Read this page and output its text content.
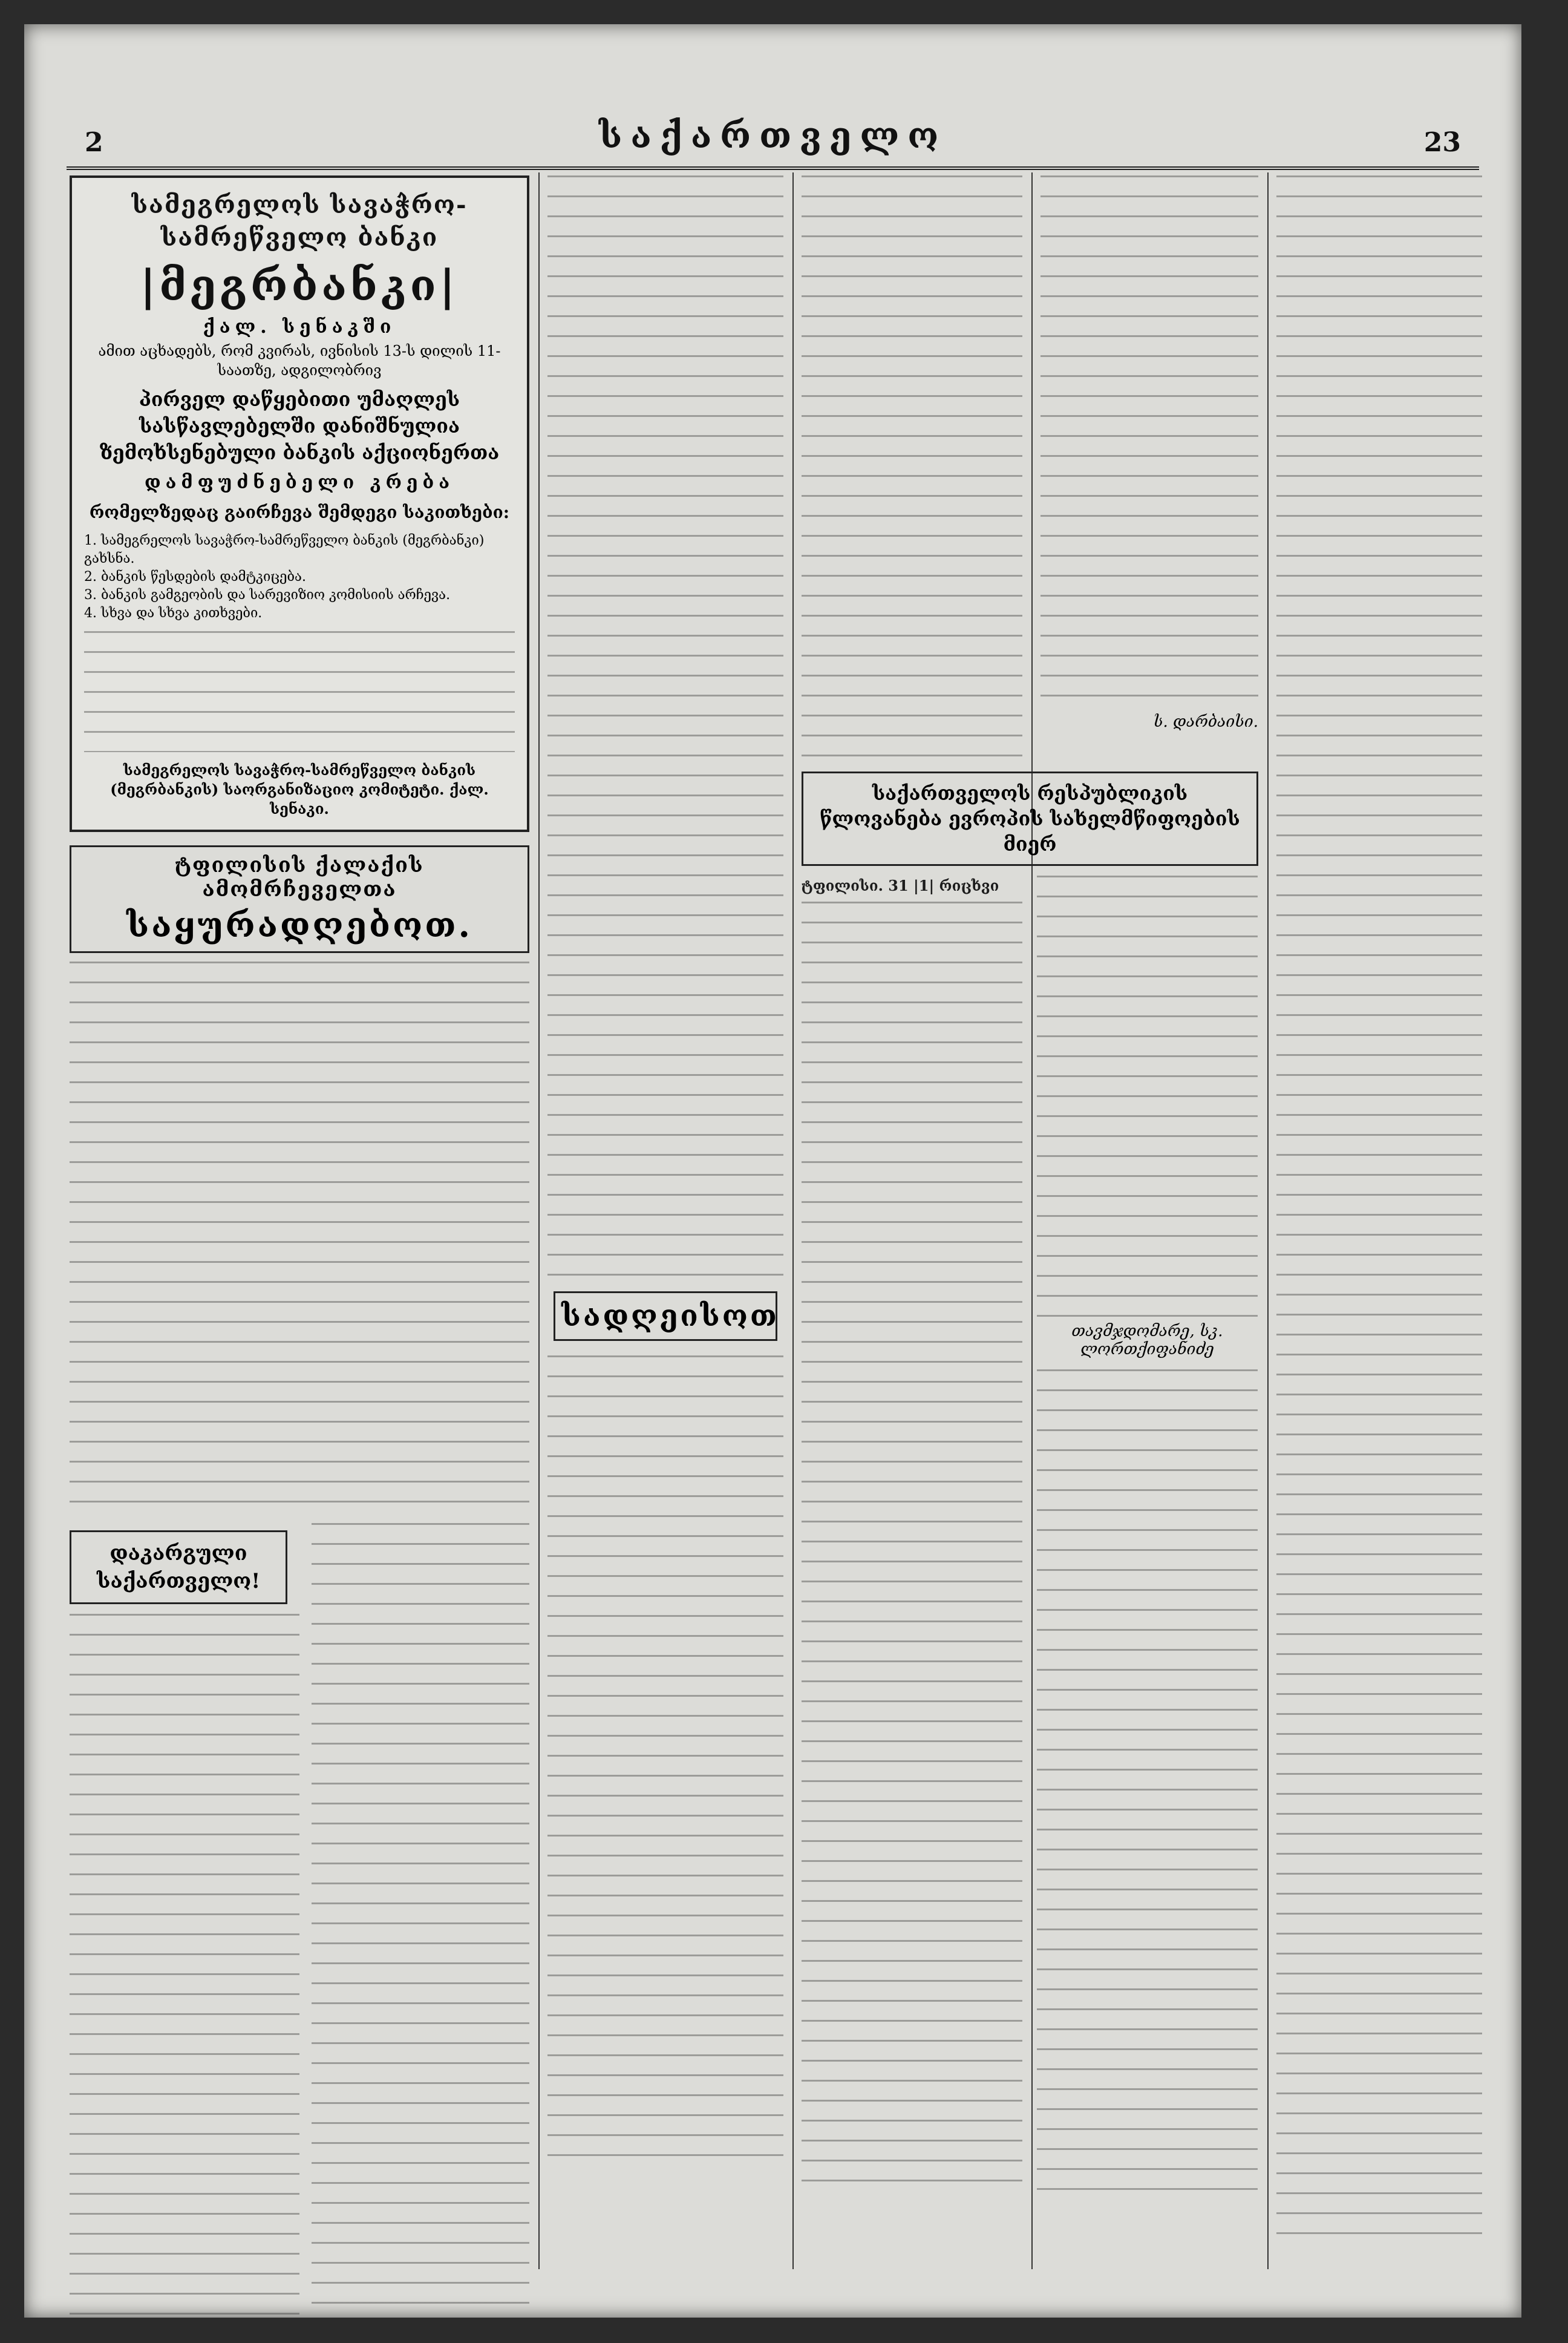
2	23
საქართველო
სამეგრელოს სავაჭრო-სამრეწველო ბანკი
|მეგრბანკი|
ქალ. სენაკში
ამით აცხადებს, რომ კვირას, ივნისის 13-ს დილის 11-საათზე, ადგილობრივ
პირველ დაწყებითი უმაღლეს სასწავლებელში დანიშნულია ზემოხსენებული ბანკის აქციონერთა
დამფუძნებელი კრება
რომელზედაც გაირჩევა შემდეგი საკითხები:
1. სამეგრელოს სავაჭრო-სამრეწველო ბანკის (მეგრბანკი) გახსნა.
2. ბანკის წესდების დამტკიცება.
3. ბანკის გამგეობის და სარევიზიო კომისიის არჩევა.
4. სხვა და სხვა კითხვები.
სამეგრელოს სავაჭრო-სამრეწველო ბანკის (მეგრბანკის) საორგანიზაციო კომიტეტი. ქალ. სენაკი.
ტფილისის ქალაქის ამომრჩეველთა
საყურადღებოთ.
დაკარგული საქართველო!
სადღეისოთ
ს. დარბაისი.
საქართველოს რესპუბლიკის წლოვანება ევროპის სახელმწიფოების მიერ
ტფილისი. 31 |1| რიცხვი
თავმჯდომარე, სკ. ლორთქიფანიძე
